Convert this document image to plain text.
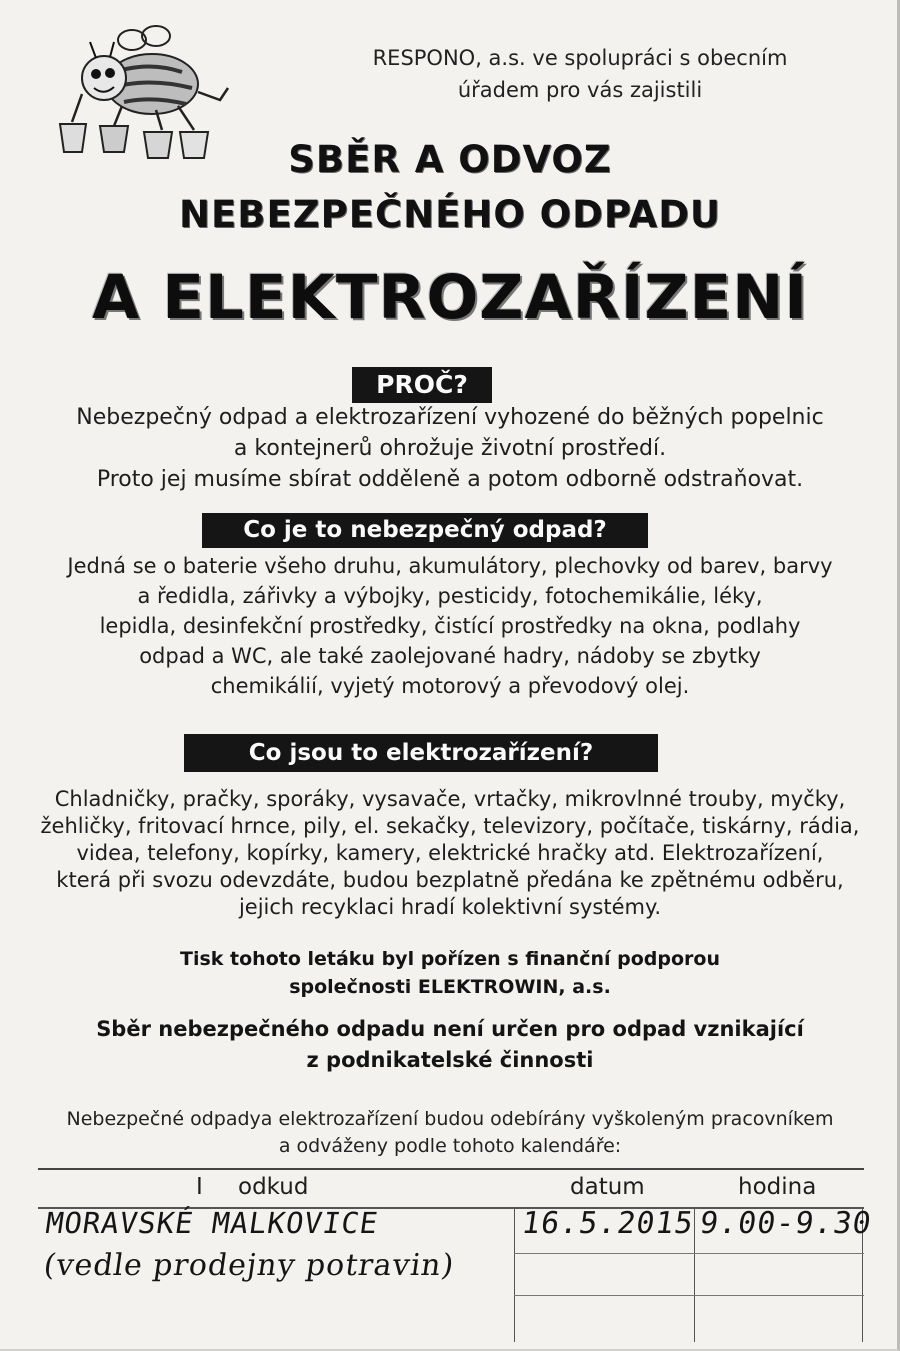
RESPONO, a.s. ve spolupráci s obecním
úřadem pro vás zajistili
SBĚR A ODVOZ
NEBEZPEČNÉHO ODPADU
A ELEKTROZAŘÍZENÍ
PROČ?
Nebezpečný odpad a elektrozařízení vyhozené do běžných popelnic
a kontejnerů ohrožuje životní prostředí.
Proto jej musíme sbírat odděleně a potom odborně odstraňovat.
Co je to nebezpečný odpad?
Jedná se o baterie všeho druhu, akumulátory, plechovky od barev, barvy
a ředidla, zářivky a výbojky, pesticidy, fotochemikálie, léky,
lepidla, desinfekční prostředky, čistící prostředky na okna, podlahy
odpad a WC, ale také zaolejované hadry, nádoby se zbytky
chemikálií, vyjetý motorový a převodový olej.
Co jsou to elektrozařízení?
Chladničky, pračky, sporáky, vysavače, vrtačky, mikrovlnné trouby, myčky,
žehličky, fritovací hrnce, pily, el. sekačky, televizory, počítače, tiskárny, rádia,
videa, telefony, kopírky, kamery, elektrické hračky atd. Elektrozařízení,
která při svozu odevzdáte, budou bezplatně předána ke zpětnému odběru,
jejich recyklaci hradí kolektivní systémy.
Tisk tohoto letáku byl pořízen s finanční podporou
společnosti ELEKTROWIN, a.s.
Sběr nebezpečného odpadu není určen pro odpad vznikající
z podnikatelské činnosti
Nebezpečné odpadya elektrozařízení budou odebírány vyškoleným pracovníkem
a odváženy podle tohoto kalendáře:
I odkud	datum	hodina
MORAVSKÉ MALKOVICE
(vedle prodejny potravin)
16.5.2015 9.00-9.30
